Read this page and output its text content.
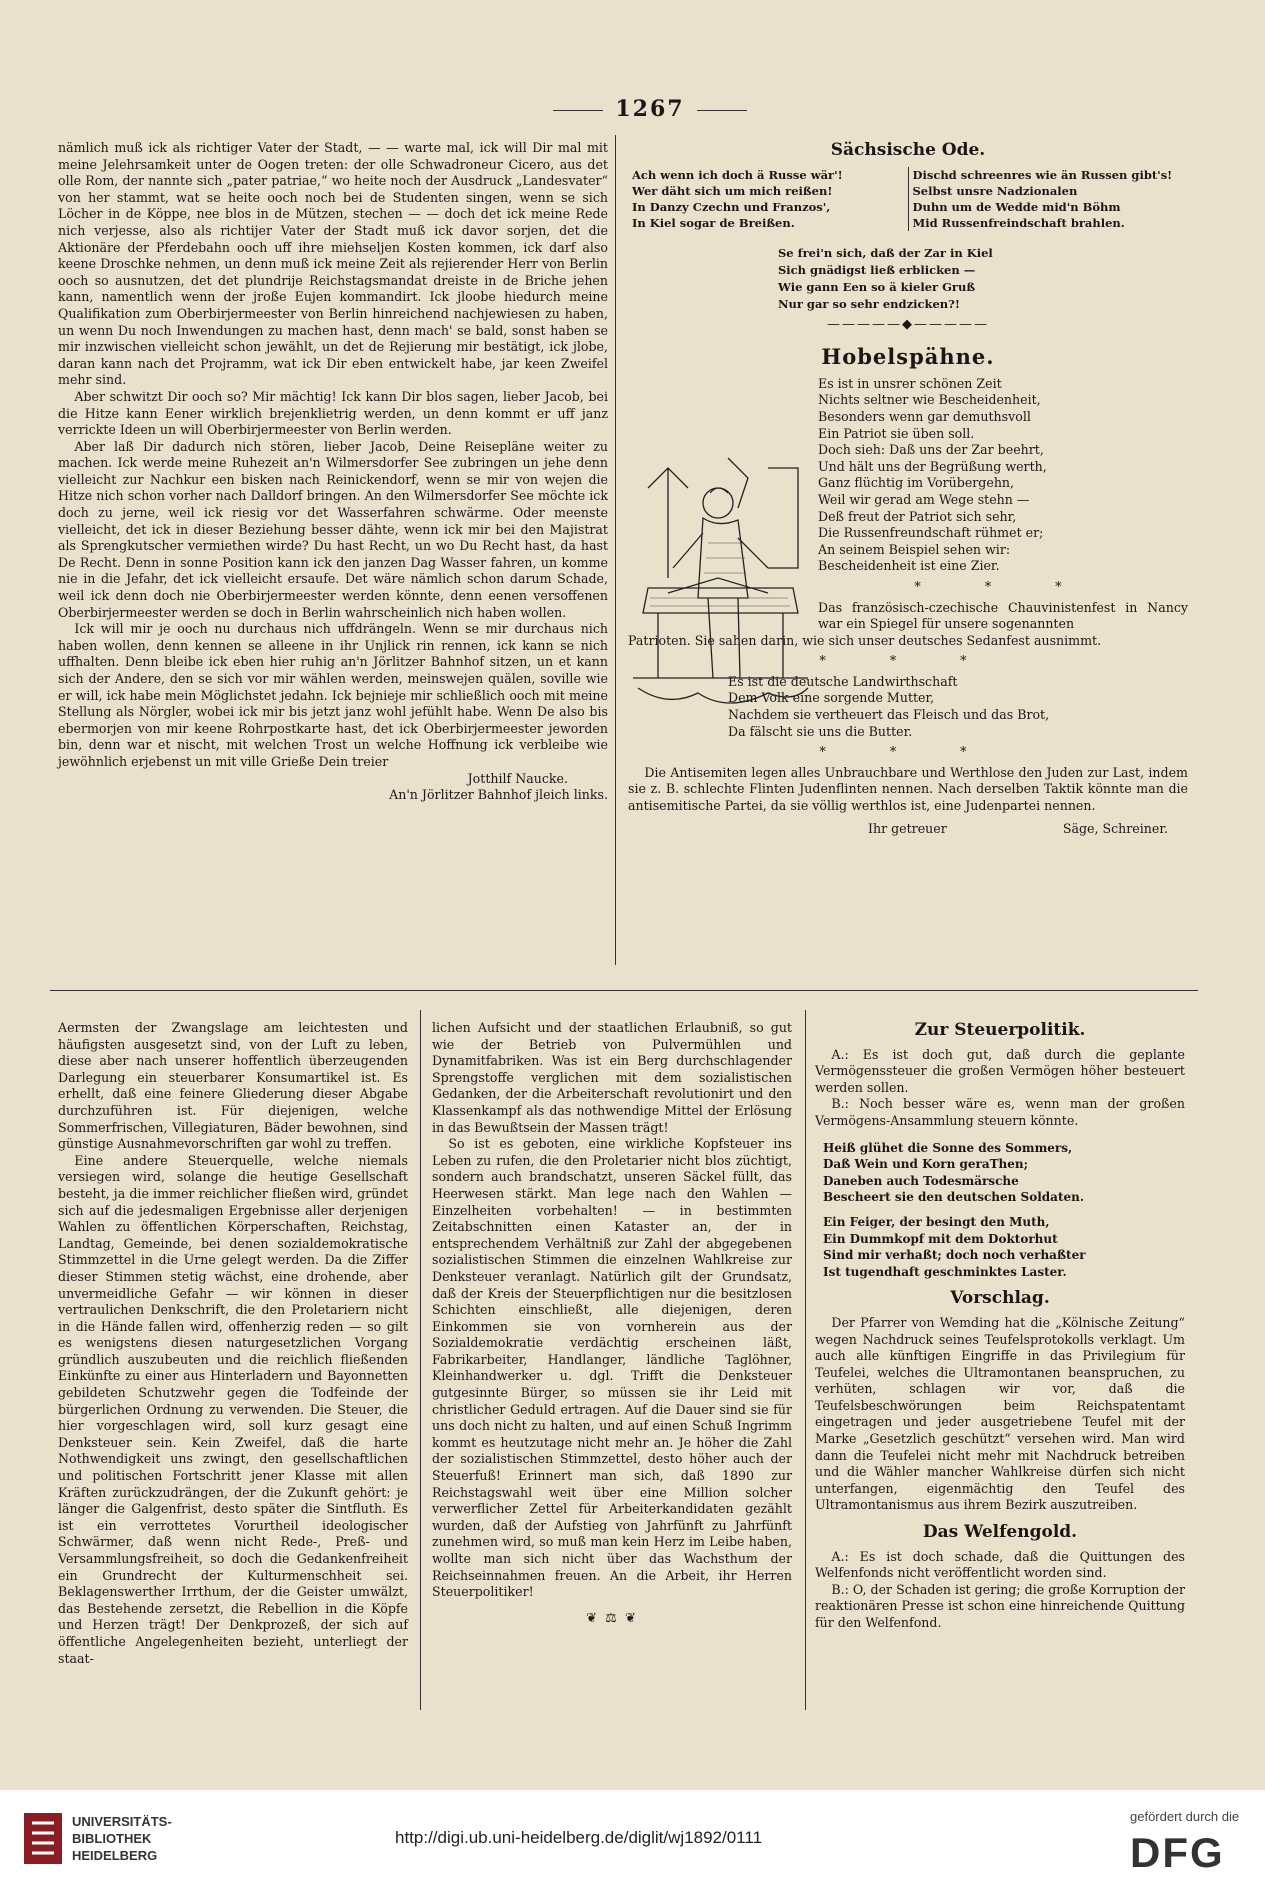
1267

nämlich muß ick als richtiger Vater der Stadt, — — warte mal, ick will Dir mal mit meine Jelehrsamkeit unter de Oogen treten: der olle Schwadroneur Cicero, aus det olle Rom, der nannte sich „pater patriae,“ wo heite noch der Ausdruck „Landesvater“ von her stammt, wat se heite ooch noch bei de Studenten singen, wenn se sich Löcher in de Köppe, nee blos in de Mützen, stechen — — doch det ick meine Rede nich verjesse, also als richtijer Vater der Stadt muß ick davor sorjen, det die Aktionäre der Pferdebahn ooch uff ihre miehseljen Kosten kommen, ick darf also keene Droschke nehmen, un denn muß ick meine Zeit als rejierender Herr von Berlin ooch so ausnutzen, det det plundrije Reichstagsmandat dreiste in de Briche jehen kann, namentlich wenn der jroße Eujen kommandirt. Ick jloobe hiedurch meine Qualifikation zum Oberbirjermeester von Berlin hinreichend nachjewiesen zu haben, un wenn Du noch Inwendungen zu machen hast, denn mach' se bald, sonst haben se mir inzwischen vielleicht schon jewählt, un det de Rejierung mir bestätigt, ick jlobe, daran kann nach det Projramm, wat ick Dir eben entwickelt habe, jar keen Zweifel mehr sind.

Aber schwitzt Dir ooch so? Mir mächtig! Ick kann Dir blos sagen, lieber Jacob, bei die Hitze kann Eener wirklich brejenklietrig werden, un denn kommt er uff janz verrickte Ideen un will Oberbirjermeester von Berlin werden.

Aber laß Dir dadurch nich stören, lieber Jacob, Deine Reisepläne weiter zu machen. Ick werde meine Ruhezeit an'n Wilmersdorfer See zubringen un jehe denn vielleicht zur Nachkur een bisken nach Reinickendorf, wenn se mir von wejen die Hitze nich schon vorher nach Dalldorf bringen. An den Wilmersdorfer See möchte ick doch zu jerne, weil ick riesig vor det Wasserfahren schwärme. Oder meenste vielleicht, det ick in dieser Beziehung besser dähte, wenn ick mir bei den Majistrat als Sprengkutscher vermiethen wirde? Du hast Recht, un wo Du Recht hast, da hast De Recht. Denn in sonne Position kann ick den janzen Dag Wasser fahren, un komme nie in die Jefahr, det ick vielleicht ersaufe. Det wäre nämlich schon darum Schade, weil ick denn doch nie Oberbirjermeester werden könnte, denn eenen versoffenen Oberbirjermeester werden se doch in Berlin wahrscheinlich nich haben wollen.

Ick will mir je ooch nu durchaus nich uffdrängeln. Wenn se mir durchaus nich haben wollen, denn kennen se alleene in ihr Unjlick rin rennen, ick kann se nich uffhalten. Denn bleibe ick eben hier ruhig an'n Jörlitzer Bahnhof sitzen, un et kann sich der Andere, den se sich vor mir wählen werden, meinswejen quälen, soville wie er will, ick habe mein Möglichstet jedahn. Ick bejnieje mir schließlich ooch mit meine Stellung als Nörgler, wobei ick mir bis jetzt janz wohl jefühlt habe. Wenn De also bis ebermorjen von mir keene Rohrpostkarte hast, det ick Oberbirjermeester jeworden bin, denn war et nischt, mit welchen Trost un welche Hoffnung ick verbleibe wie jewöhnlich erjebenst un mit ville Grieße Dein treier

Jotthilf Naucke.
An'n Jörlitzer Bahnhof jleich links.
Sächsische Ode.
Ach wenn ich doch ä Russe wär'!
Wer däht sich um mich reißen!
In Danzy Czechn und Franzos',
In Kiel sogar de Breißen.
Dischd schreenres wie än Russen gibt's!
Selbst unsre Nadzionalen
Duhn um de Wedde mid'n Böhm
Mid Russenfreindschaft brahlen.
Se frei'n sich, daß der Zar in Kiel
Sich gnädigst ließ erblicken —
Wie gann Een so ä kieler Gruß
Nur gar so sehr endzicken?!
—————◆—————
Hobelspähne.
Es ist in unsrer schönen Zeit
Nichts seltner wie Bescheidenheit,
Besonders wenn gar demuthsvoll
Ein Patriot sie üben soll.
Doch sieh: Daß uns der Zar beehrt,
Und hält uns der Begrüßung werth,
Ganz flüchtig im Vorübergehn,
Weil wir gerad am Wege stehn —
Deß freut der Patriot sich sehr,
Die Russenfreundschaft rühmet er;
An seinem Beispiel sehen wir:
Bescheidenheit ist eine Zier.
* * *

Das französisch-czechische Chauvinistenfest in Nancy war ein Spiegel für unsere sogenannten

Patrioten. Sie sahen darin, wie sich unser deutsches Sedanfest ausnimmt.

* * *
Es ist die deutsche Landwirthschaft
Dem Volk eine sorgende Mutter,
Nachdem sie vertheuert das Fleisch und das Brot,
Da fälscht sie uns die Butter.
* * *

Die Antisemiten legen alles Unbrauchbare und Werthlose den Juden zur Last, indem sie z. B. schlechte Flinten Judenflinten nennen. Nach derselben Taktik könnte man die antisemitische Partei, da sie völlig werthlos ist, eine Judenpartei nennen.

Ihr getreuer	Säge, Schreiner.

Aermsten der Zwangslage am leichtesten und häufigsten ausgesetzt sind, von der Luft zu leben, diese aber nach unserer hoffentlich überzeugenden Darlegung ein steuerbarer Konsumartikel ist. Es erhellt, daß eine feinere Gliederung dieser Abgabe durchzuführen ist. Für diejenigen, welche Sommerfrischen, Villegiaturen, Bäder bewohnen, sind günstige Ausnahmevorschriften gar wohl zu treffen.

Eine andere Steuerquelle, welche niemals versiegen wird, solange die heutige Gesellschaft besteht, ja die immer reichlicher fließen wird, gründet sich auf die jedesmaligen Ergebnisse aller derjenigen Wahlen zu öffentlichen Körperschaften, Reichstag, Landtag, Gemeinde, bei denen sozialdemokratische Stimmzettel in die Urne gelegt werden. Da die Ziffer dieser Stimmen stetig wächst, eine drohende, aber unvermeidliche Gefahr — wir können in dieser vertraulichen Denkschrift, die den Proletariern nicht in die Hände fallen wird, offenherzig reden — so gilt es wenigstens diesen naturgesetzlichen Vorgang gründlich auszubeuten und die reichlich fließenden Einkünfte zu einer aus Hinterladern und Bayonnetten gebildeten Schutzwehr gegen die Todfeinde der bürgerlichen Ordnung zu verwenden. Die Steuer, die hier vorgeschlagen wird, soll kurz gesagt eine Denksteuer sein. Kein Zweifel, daß die harte Nothwendigkeit uns zwingt, den gesellschaftlichen und politischen Fortschritt jener Klasse mit allen Kräften zurückzudrängen, der die Zukunft gehört: je länger die Galgenfrist, desto später die Sintfluth. Es ist ein verrottetes Vorurtheil ideologischer Schwärmer, daß wenn nicht Rede-, Preß- und Versammlungsfreiheit, so doch die Gedankenfreiheit ein Grundrecht der Kulturmenschheit sei. Beklagenswerther Irrthum, der die Geister umwälzt, das Bestehende zersetzt, die Rebellion in die Köpfe und Herzen trägt! Der Denkprozeß, der sich auf öffentliche Angelegenheiten bezieht, unterliegt der staat-

lichen Aufsicht und der staatlichen Erlaubniß, so gut wie der Betrieb von Pulvermühlen und Dynamitfabriken. Was ist ein Berg durchschlagender Sprengstoffe verglichen mit dem sozialistischen Gedanken, der die Arbeiterschaft revolutionirt und den Klassenkampf als das nothwendige Mittel der Erlösung in das Bewußtsein der Massen trägt!

So ist es geboten, eine wirkliche Kopfsteuer ins Leben zu rufen, die den Proletarier nicht blos züchtigt, sondern auch brandschatzt, unseren Säckel füllt, das Heerwesen stärkt. Man lege nach den Wahlen — Einzelheiten vorbehalten! — in bestimmten Zeitabschnitten einen Kataster an, der in entsprechendem Verhältniß zur Zahl der abgegebenen sozialistischen Stimmen die einzelnen Wahlkreise zur Denksteuer veranlagt. Natürlich gilt der Grundsatz, daß der Kreis der Steuerpflichtigen nur die besitzlosen Schichten einschließt, alle diejenigen, deren Einkommen sie von vornherein aus der Sozialdemokratie verdächtig erscheinen läßt, Fabrikarbeiter, Handlanger, ländliche Taglöhner, Kleinhandwerker u. dgl. Trifft die Denksteuer gutgesinnte Bürger, so müssen sie ihr Leid mit christlicher Geduld ertragen. Auf die Dauer sind sie für uns doch nicht zu halten, und auf einen Schuß Ingrimm kommt es heutzutage nicht mehr an. Je höher die Zahl der sozialistischen Stimmzettel, desto höher auch der Steuerfuß! Erinnert man sich, daß 1890 zur Reichstagswahl weit über eine Million solcher verwerflicher Zettel für Arbeiterkandidaten gezählt wurden, daß der Aufstieg von Jahrfünft zu Jahrfünft zunehmen wird, so muß man kein Herz im Leibe haben, wollte man sich nicht über das Wachsthum der Reichseinnahmen freuen. An die Arbeit, ihr Herren Steuerpolitiker!

❦ ⚖ ❦
Zur Steuerpolitik.

A.: Es ist doch gut, daß durch die geplante Vermögenssteuer die großen Vermögen höher besteuert werden sollen.

B.: Noch besser wäre es, wenn man der großen Vermögens-Ansammlung steuern könnte.

Heiß glühet die Sonne des Sommers,
Daß Wein und Korn geraThen;
Daneben auch Todesmärsche
Bescheert sie den deutschen Soldaten.
Ein Feiger, der besingt den Muth,
Ein Dummkopf mit dem Doktorhut
Sind mir verhaßt; doch noch verhaßter
Ist tugendhaft geschminktes Laster.
Vorschlag.

Der Pfarrer von Wemding hat die „Kölnische Zeitung“ wegen Nachdruck seines Teufelsprotokolls verklagt. Um auch alle künftigen Eingriffe in das Privilegium für Teufelei, welches die Ultramontanen beanspruchen, zu verhüten, schlagen wir vor, daß die Teufelsbeschwörungen beim Reichspatentamt eingetragen und jeder ausgetriebene Teufel mit der Marke „Gesetzlich geschützt“ versehen wird. Man wird dann die Teufelei nicht mehr mit Nachdruck betreiben und die Wähler mancher Wahlkreise dürfen sich nicht unterfangen, eigenmächtig den Teufel des Ultramontanismus aus ihrem Bezirk auszutreiben.

Das Welfengold.

A.: Es ist doch schade, daß die Quittungen des Welfenfonds nicht veröffentlicht worden sind.

B.: O, der Schaden ist gering; die große Korruption der reaktionären Presse ist schon eine hinreichende Quittung für den Welfenfond.

UNIVERSITÄTS-
BIBLIOTHEK
HEIDELBERG
http://digi.ub.uni-heidelberg.de/diglit/wj1892/0111
gefördert durch die
DFG
